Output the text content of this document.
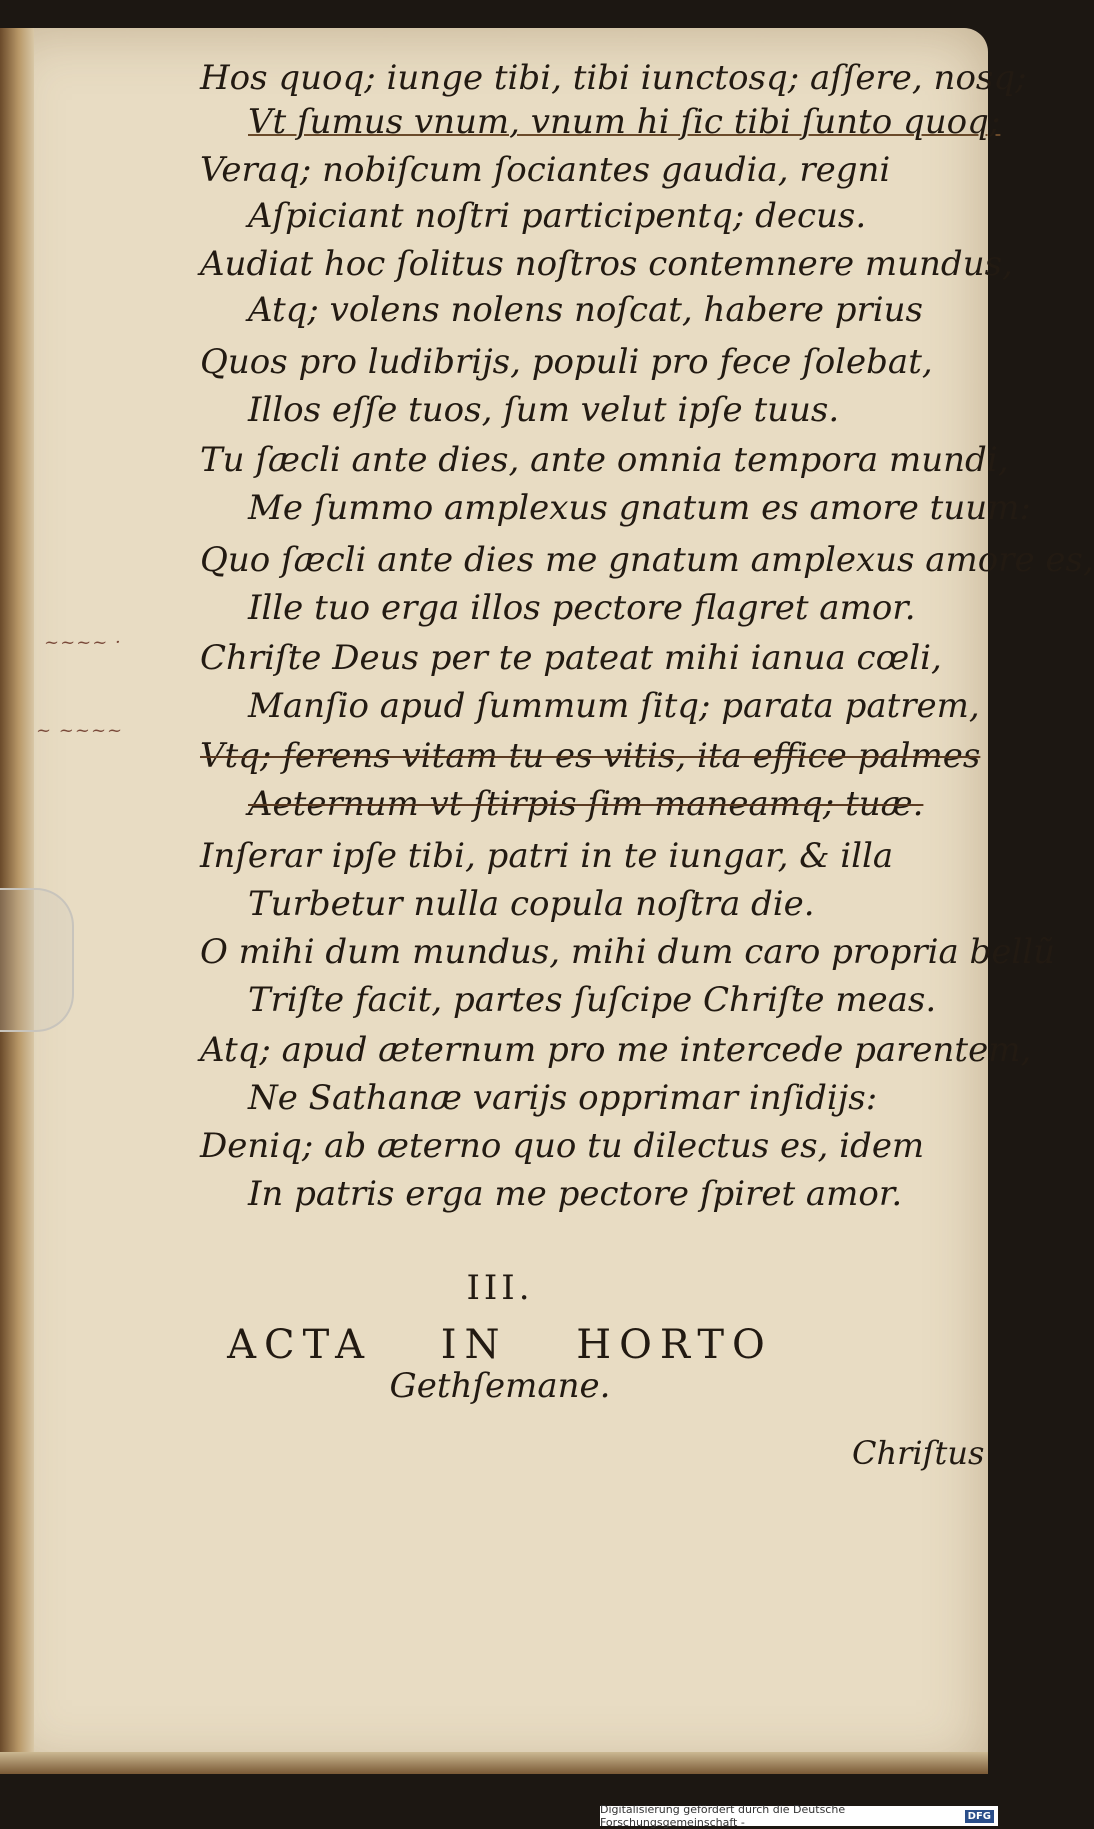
~~~~ ·
~ ~~~~
Hos quoq; iunge tibi, tibi iunctosq; aſſere, nosq;
Vt ſumus vnum, vnum hi ſic tibi ſunto quoq;
Veraq; nobiſcum ſociantes gaudia, regni
Aſpiciant noſtri participentq; decus.
Audiat hoc ſolitus noſtros contemnere mundus,
Atq; volens nolens noſcat, habere prius
Quos pro ludibrijs, populi pro fece ſolebat,
Illos eſſe tuos, ſum velut ipſe tuus.
Tu ſæcli ante dies, ante omnia tempora mundi,
Me ſummo amplexus gnatum es amore tuum:
Quo ſæcli ante dies me gnatum amplexus amore es,
Ille tuo erga illos pectore flagret amor.
Chriſte Deus per te pateat mihi ianua cœli,
Manſio apud ſummum ſitq; parata patrem,
Vtq; ferens vitam tu es vitis, ita effice palmes
Aeternum vt ſtirpis ſim maneamq; tuæ.
Inſerar ipſe tibi, patri in te iungar, & illa
Turbetur nulla copula noſtra die.
O mihi dum mundus, mihi dum caro propria bellũ
Triſte facit, partes ſuſcipe Chriſte meas.
Atq; apud æternum pro me intercede parentem,
Ne Sathanæ varijs opprimar inſidijs:
Deniq; ab æterno quo tu dilectus es, idem
In patris erga me pectore ſpiret amor.
III.
ACTA IN HORTO
Gethſemane.
Chriſtus
Digitalisierung gefördert durch die Deutsche Forschungsgemeinschaft -	DFG
